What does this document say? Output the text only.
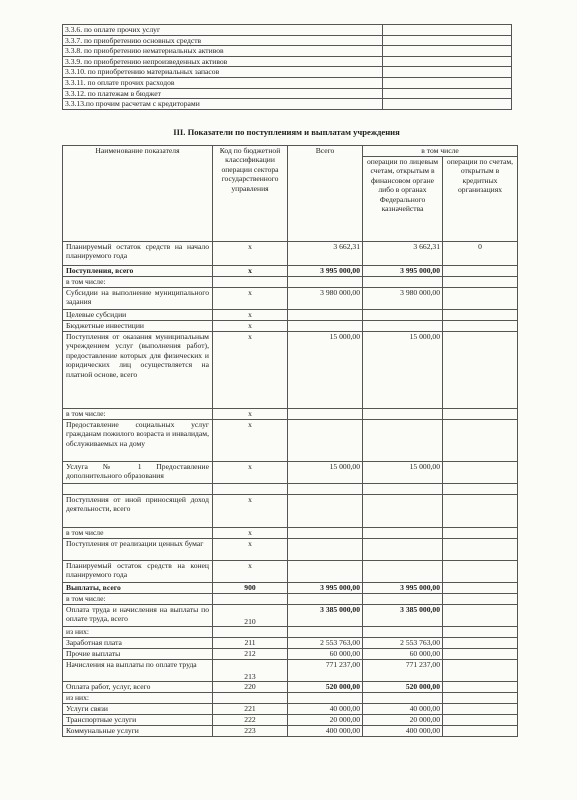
3.3.6. по оплате прочих услуг	
3.3.7. по приобретению основных средств	
3.3.8. по приобретению нематериальных активов	
3.3.9. по приобретению непроизведенных активов	
3.3.10. по приобретению материальных запасов	
3.3.11. по оплате прочих расходов	
3.3.12. по платежам в бюджет	
3.3.13.по прочим расчетам с кредиторами	
III. Показатели по поступлениям и выплатам учреждения
Наименование показателя	Код по бюджетной классификации операции сектора государственного управления	Всего	в том числе	
			операции по лицевым счетам, открытым в финансовом органе либо в органах Федерального казначейства	операции по счетам, открытым в кредитных организациях
Планируемый остаток средств на начало планируемого года	x	3 662,31	3 662,31	0
Поступления, всего	x	3 995 000,00	3 995 000,00	
в том числе:				
Субсидии на выполнение муниципального задания	x	3 980 000,00	3 980 000,00	
Целевые субсидии	x			
Бюджетные инвестиции	x			
Поступления от оказания муниципальным учреждением услуг (выполнения работ), предоставление которых для физических и юридических лиц осуществляется на платной основе, всего	x	15 000,00	15 000,00	
в том числе:	x			
Предоставление социальных услуг гражданам пожилого возраста и инвалидам, обслуживаемых на дому	x			
Услуга № 1 Предоставление дополнительного образования	x	15 000,00	15 000,00	

Поступления от иной приносящей доход деятельности, всего	x			
в том числе	x			
Поступления от реализации ценных бумаг	x			
Планируемый остаток средств на конец планируемого года	x			
Выплаты, всего	900	3 995 000,00	3 995 000,00	
в том числе:				
Оплата труда и начисления на выплаты по оплате труда, всего	210	3 385 000,00	3 385 000,00	
из них:				
Заработная плата	211	2 553 763,00	2 553 763,00	
Прочие выплаты	212	60 000,00	60 000,00	
Начисления на выплаты по оплате труда	213	771 237,00	771 237,00	
Оплата работ, услуг, всего	220	520 000,00	520 000,00	
из них:				
Услуги связи	221	40 000,00	40 000,00	
Транспортные услуги	222	20 000,00	20 000,00	
Коммунальные услуги	223	400 000,00	400 000,00	
